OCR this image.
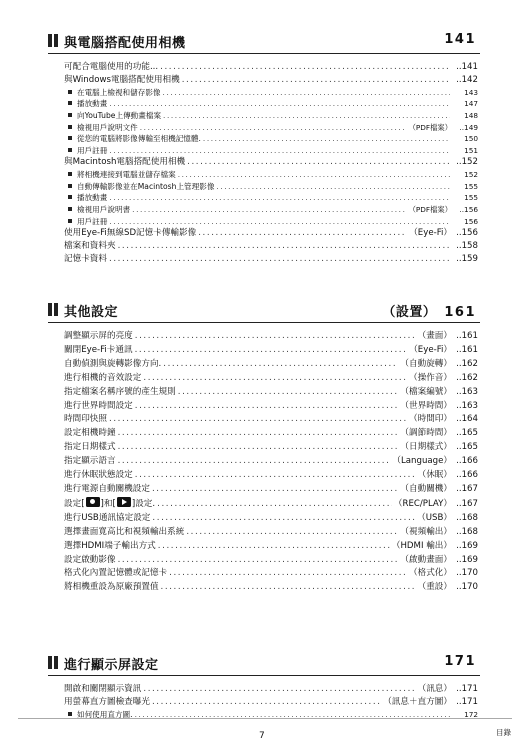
與電腦搭配使用相機	141
可配合電腦使用的功能... .....	..141
與Windows電腦搭配使用相機 .....	..142
在電腦上檢視和儲存影像 .....	143
播放動畫 .....	147
向YouTube上傳動畫檔案 .....	148
檢視用戶說明文件 .....	（PDF檔案）	..149
從您的電腦將影像傳輸至相機記憶體. .....	150
用戶註冊 .....	151
與Macintosh電腦搭配使用相機 .....	..152
將相機連接到電腦並儲存檔案 .....	152
自動傳輸影像並在Macintosh上管理影像 .....	155
播放動畫 .....	155
檢視用戶說明書 .....	（PDF檔案）	..156
用戶註冊 .....	156
使用Eye-Fi無線SD記憶卡傳輸影像 .....	（Eye-Fi） ..156
檔案和資料夾 .....	..158
記憶卡資料 .....	..159
其他設定	（設置） 161
調整顯示屏的亮度 .....	（畫面） ..161
關閉Eye-Fi卡通訊 .....	（Eye-Fi） ..161
自動偵測與旋轉影像方向. .....	（自動旋轉） ..162
進行相機的音效設定 .....	（操作音） ..162
指定檔案名稱序號的產生規則 .....	（檔案編號） ..163
進行世界時間設定 .....	（世界時間） ..163
時間印快照 .....	（時間印） ..164
設定相機時鐘 .....	（調節時間） ..165
指定日期樣式 .....	（日期樣式） ..165
指定顯示語言 .....	（Language） ..166
進行休眠狀態設定 .....	（休眠） ..166
進行電源自動關機設定 .....	（自動關機） ..167
設定[ ]和[ ]設定. .....	（REC/PLAY） ..167
進行USB通訊協定設定 .....	（USB） ..168
選擇畫面寬高比和視頻輸出系統 .....	（視頻輸出） ..168
選擇HDMI端子輸出方式 .....	（HDMI 輸出） ..169
設定啟動影像 .....	（啟動畫面） ..169
格式化內置記憶體或記憶卡 .....	（格式化） ..170
將相機重設為原廠預置值 .....	（重設） ..170
進行顯示屏設定	171
開啟和關閉顯示資訊 .....	（訊息） ..171
用螢幕直方圖檢查曝光 .....	（訊息＋直方圖） ..171
如何使用直方圖. .....	172
7	目錄
